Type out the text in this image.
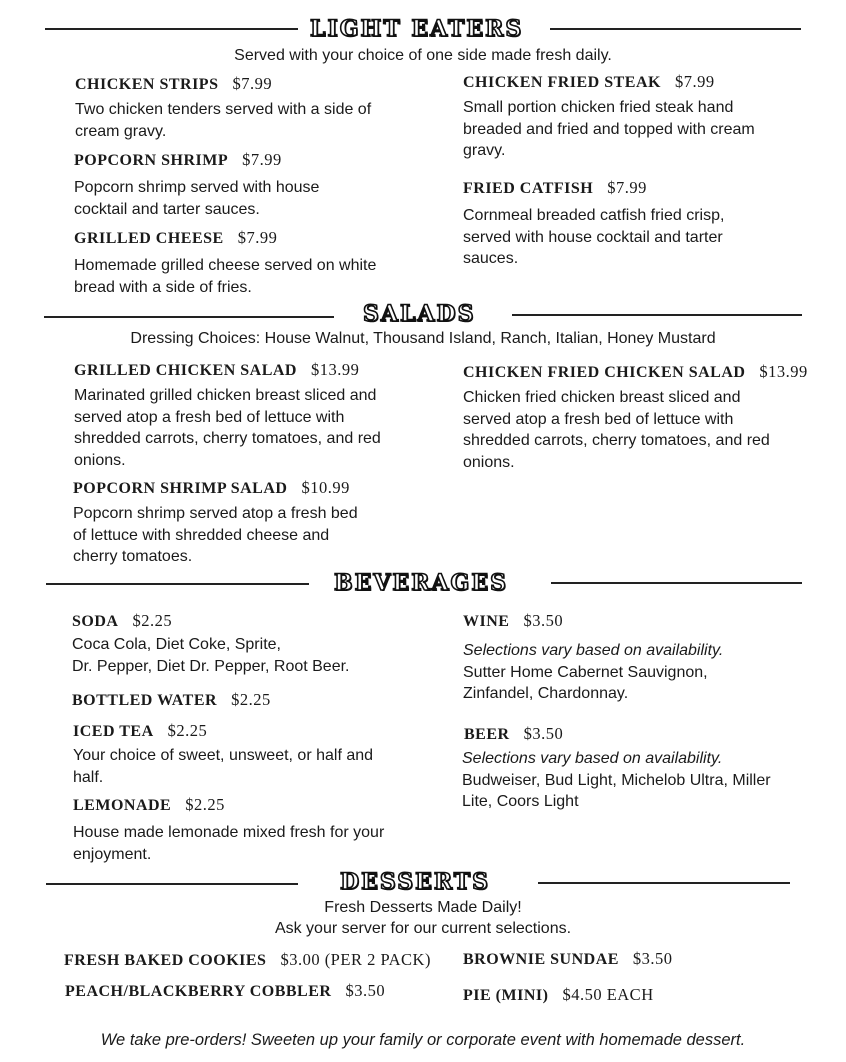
LIGHT EATERS
Served with your choice of one side made fresh daily.
CHICKEN STRIPS $7.99
Two chicken tenders served with a side of cream gravy.
POPCORN SHRIMP $7.99
Popcorn shrimp served with house cocktail and tarter sauces.
GRILLED CHEESE $7.99
Homemade grilled cheese served on white bread with a side of fries.
CHICKEN FRIED STEAK $7.99
Small portion chicken fried steak hand breaded and fried and topped with cream gravy.
FRIED CATFISH $7.99
Cornmeal breaded catfish fried crisp, served with house cocktail and tarter sauces.
SALADS
Dressing Choices: House Walnut, Thousand Island, Ranch, Italian, Honey Mustard
GRILLED CHICKEN SALAD $13.99
Marinated grilled chicken breast sliced and served atop a fresh bed of lettuce with shredded carrots, cherry tomatoes, and red onions.
POPCORN SHRIMP SALAD $10.99
Popcorn shrimp served atop a fresh bed of lettuce with shredded cheese and cherry tomatoes.
CHICKEN FRIED CHICKEN SALAD $13.99
Chicken fried chicken breast sliced and served atop a fresh bed of lettuce with shredded carrots, cherry tomatoes, and red onions.
BEVERAGES
SODA $2.25
Coca Cola, Diet Coke, Sprite,
Dr. Pepper, Diet Dr. Pepper, Root Beer.
BOTTLED WATER $2.25
ICED TEA $2.25
Your choice of sweet, unsweet, or half and half.
LEMONADE $2.25
House made lemonade mixed fresh for your enjoyment.
WINE $3.50
Selections vary based on availability.
Sutter Home Cabernet Sauvignon, Zinfandel, Chardonnay.
BEER $3.50
Selections vary based on availability.
Budweiser, Bud Light, Michelob Ultra, Miller Lite, Coors Light
DESSERTS
Fresh Desserts Made Daily!
Ask your server for our current selections.
FRESH BAKED COOKIES $3.00 (PER 2 PACK)
PEACH/BLACKBERRY COBBLER $3.50
BROWNIE SUNDAE $3.50
PIE (MINI) $4.50 EACH
We take pre-orders! Sweeten up your family or corporate event with homemade dessert.
